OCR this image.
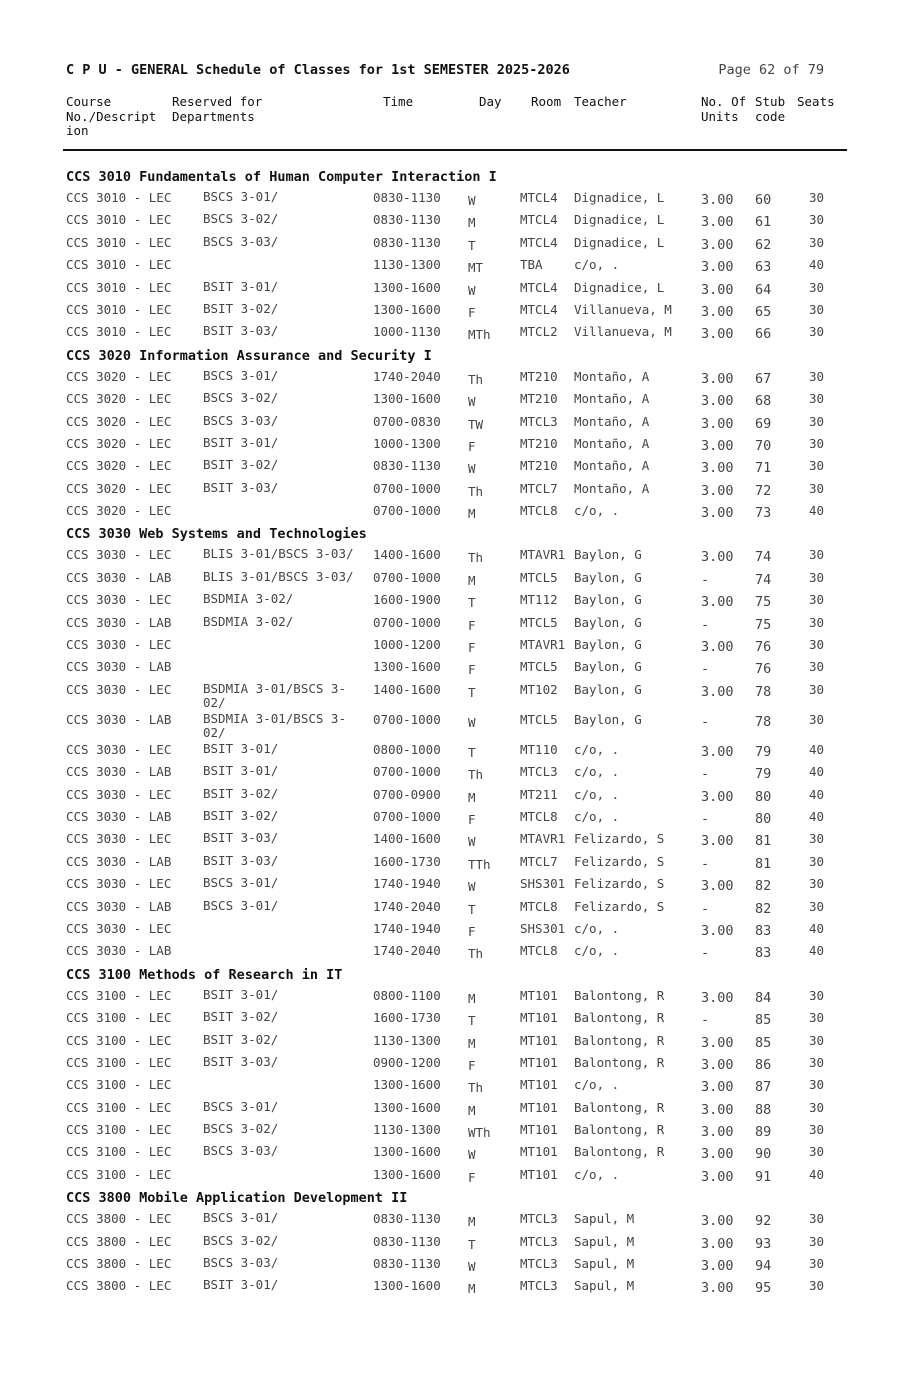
C P U - GENERAL Schedule of Classes for 1st SEMESTER 2025-2026	Page 62 of 79
Course
No./Descript
ion
Reserved for
Departments
Time	Day Room Teacher	No. Of
Units
Stub
code
Seats
CCS 3010 Fundamentals of Human Computer Interaction I
CCS 3010 - LEC	BSCS 3-01/	0830-1130 W	MTCL4 Dignadice, L	3.00 60	30
CCS 3010 - LEC	BSCS 3-02/	0830-1130 M	MTCL4 Dignadice, L	3.00 61	30
CCS 3010 - LEC	BSCS 3-03/	0830-1130 T	MTCL4 Dignadice, L	3.00 62	30
CCS 3010 - LEC	1130-1300 MT	TBA	c/o, .	3.00 63	40
CCS 3010 - LEC	BSIT 3-01/	1300-1600 W	MTCL4 Dignadice, L	3.00 64	30
CCS 3010 - LEC	BSIT 3-02/	1300-1600 F	MTCL4 Villanueva, M 3.00 65	30
CCS 3010 - LEC	BSIT 3-03/	1000-1130 MTh MTCL2 Villanueva, M 3.00 66	30
CCS 3020 Information Assurance and Security I
CCS 3020 - LEC	BSCS 3-01/	1740-2040 Th	MT210 Montaño, A	3.00 67	30
CCS 3020 - LEC	BSCS 3-02/	1300-1600 W	MT210 Montaño, A	3.00 68	30
CCS 3020 - LEC	BSCS 3-03/	0700-0830 TW	MTCL3 Montaño, A	3.00 69	30
CCS 3020 - LEC	BSIT 3-01/	1000-1300 F	MT210 Montaño, A	3.00 70	30
CCS 3020 - LEC	BSIT 3-02/	0830-1130 W	MT210 Montaño, A	3.00 71	30
CCS 3020 - LEC	BSIT 3-03/	0700-1000 Th	MTCL7 Montaño, A	3.00 72	30
CCS 3020 - LEC	0700-1000 M	MTCL8 c/o, .	3.00 73	40
CCS 3030 Web Systems and Technologies
CCS 3030 - LEC	BLIS 3-01/BSCS 3-03/	1400-1600 Th	MTAVR1 Baylon, G	3.00 74	30
CCS 3030 - LAB	BLIS 3-01/BSCS 3-03/	0700-1000 M	MTCL5 Baylon, G	-	74	30
CCS 3030 - LEC	BSDMIA 3-02/	1600-1900 T	MT112 Baylon, G	3.00 75	30
CCS 3030 - LAB	BSDMIA 3-02/	0700-1000 F	MTCL5 Baylon, G	-	75	30
CCS 3030 - LEC	1000-1200 F	MTAVR1 Baylon, G	3.00 76	30
CCS 3030 - LAB	1300-1600 F	MTCL5 Baylon, G	-	76	30
CCS 3030 - LEC	BSDMIA 3-01/BSCS 3-02/
1400-1600 T	MT102 Baylon, G	3.00 78	30
CCS 3030 - LAB	BSDMIA 3-01/BSCS 3-02/
0700-1000 W	MTCL5 Baylon, G	-	78	30
CCS 3030 - LEC	BSIT 3-01/	0800-1000 T	MT110 c/o, .	3.00 79	40
CCS 3030 - LAB	BSIT 3-01/	0700-1000 Th	MTCL3 c/o, .	-	79	40
CCS 3030 - LEC	BSIT 3-02/	0700-0900 M	MT211 c/o, .	3.00 80	40
CCS 3030 - LAB	BSIT 3-02/	0700-1000 F	MTCL8 c/o, .	-	80	40
CCS 3030 - LEC	BSIT 3-03/	1400-1600 W	MTAVR1 Felizardo, S	3.00 81	30
CCS 3030 - LAB	BSIT 3-03/	1600-1730 TTh MTCL7 Felizardo, S	-	81	30
CCS 3030 - LEC	BSCS 3-01/	1740-1940 W	SHS301 Felizardo, S	3.00 82	30
CCS 3030 - LAB	BSCS 3-01/	1740-2040 T	MTCL8 Felizardo, S	-	82	30
CCS 3030 - LEC	1740-1940 F	SHS301 c/o, .	3.00 83	40
CCS 3030 - LAB	1740-2040 Th	MTCL8 c/o, .	-	83	40
CCS 3100 Methods of Research in IT
CCS 3100 - LEC	BSIT 3-01/	0800-1100 M	MT101 Balontong, R	3.00 84	30
CCS 3100 - LEC	BSIT 3-02/	1600-1730 T	MT101 Balontong, R	-	85	30
CCS 3100 - LEC	BSIT 3-02/	1130-1300 M	MT101 Balontong, R	3.00 85	30
CCS 3100 - LEC	BSIT 3-03/	0900-1200 F	MT101 Balontong, R	3.00 86	30
CCS 3100 - LEC	1300-1600 Th	MT101 c/o, .	3.00 87	30
CCS 3100 - LEC	BSCS 3-01/	1300-1600 M	MT101 Balontong, R	3.00 88	30
CCS 3100 - LEC	BSCS 3-02/	1130-1300 WTh MT101 Balontong, R	3.00 89	30
CCS 3100 - LEC	BSCS 3-03/	1300-1600 W	MT101 Balontong, R	3.00 90	30
CCS 3100 - LEC	1300-1600 F	MT101 c/o, .	3.00 91	40
CCS 3800 Mobile Application Development II
CCS 3800 - LEC	BSCS 3-01/	0830-1130 M	MTCL3 Sapul, M	3.00 92	30
CCS 3800 - LEC	BSCS 3-02/	0830-1130 T	MTCL3 Sapul, M	3.00 93	30
CCS 3800 - LEC	BSCS 3-03/	0830-1130 W	MTCL3 Sapul, M	3.00 94	30
CCS 3800 - LEC	BSIT 3-01/	1300-1600 M	MTCL3 Sapul, M	3.00 95	30
